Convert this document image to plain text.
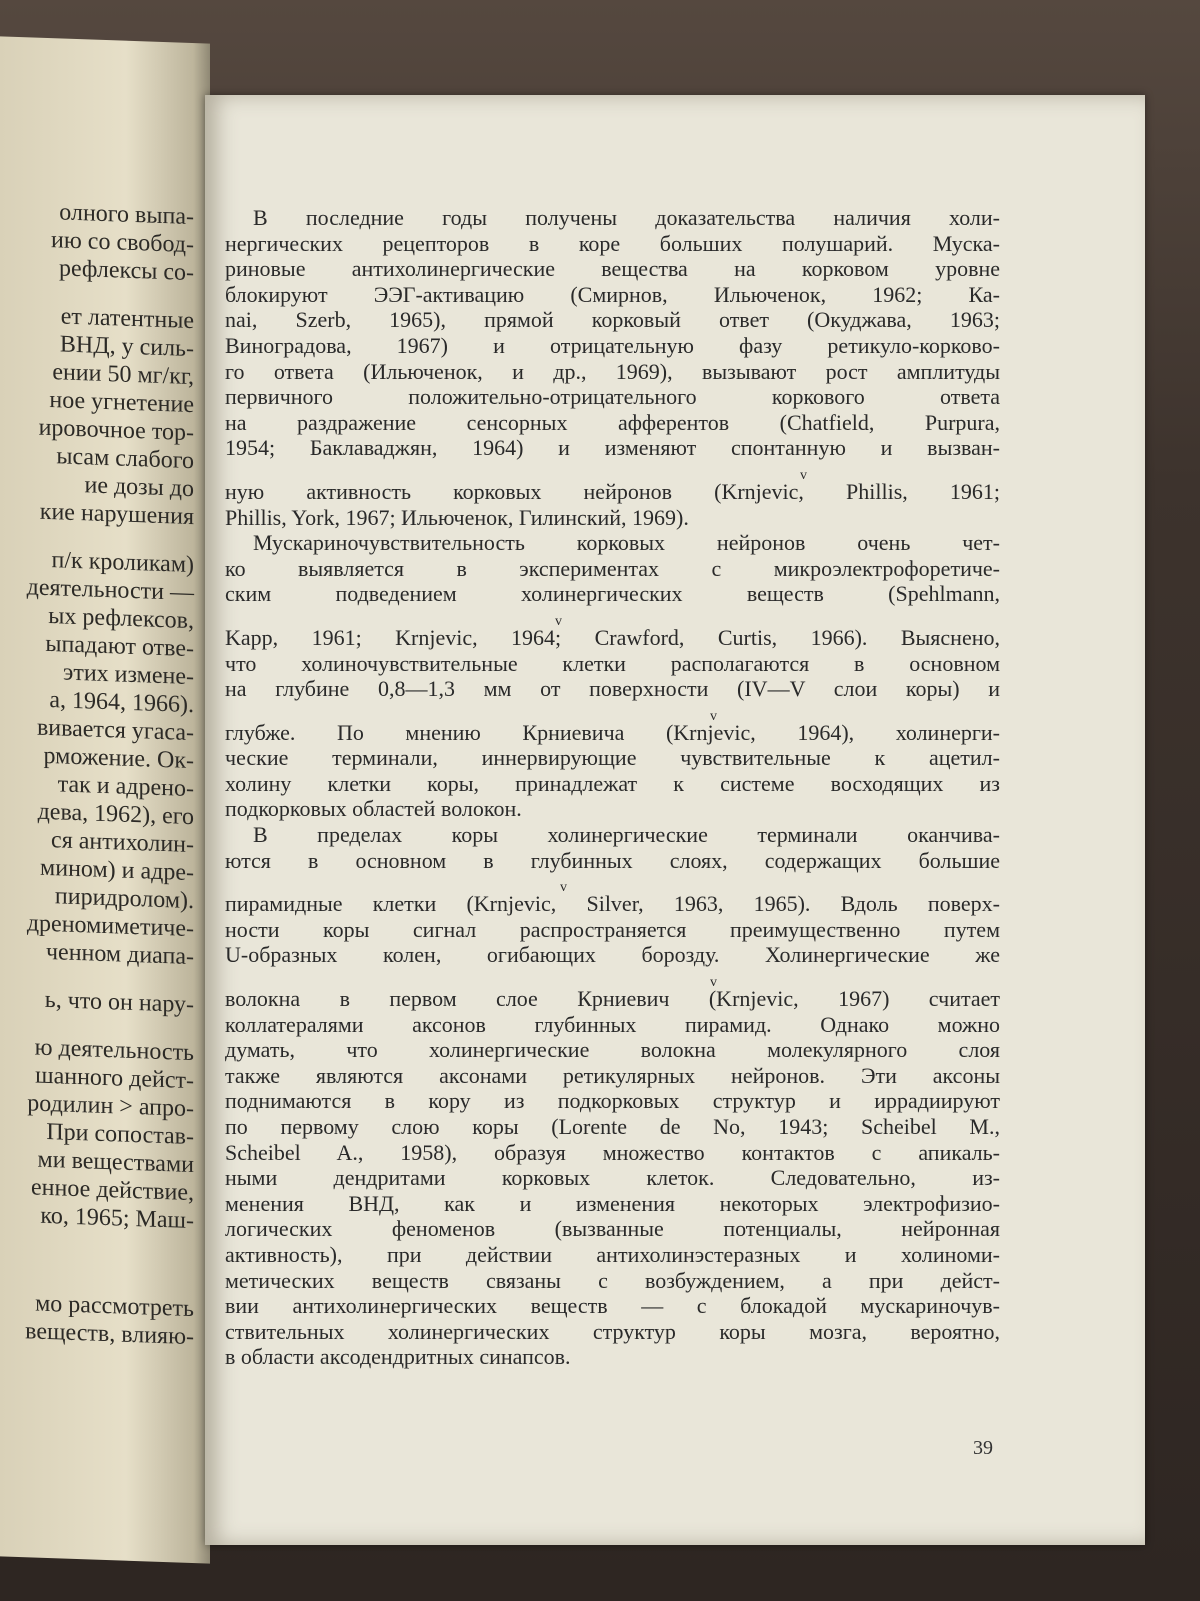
олного выпа-
ию со свобод-
рефлексы со-
ет латентные
ВНД, у силь-
ении 50 мг/кг,
ное угнетение
ировочное тор-
ысам слабого
ие дозы до
кие нарушения
п/к кроликам)
деятельности —
ых рефлексов,
ыпадают отве-
этих измене-
а, 1964, 1966).
вивается угаса-
рможение. Ок-
так и адрено-
дева, 1962), его
ся антихолин-
мином) и адре-
пиридролом).
дреномиметиче-
ченном диапа-
ь, что он нару-
ю деятельность
шанного дейст-
родилин > апро-
При сопостав-
ми веществами
енное действие,
ко, 1965; Маш-
мо рассмотреть
веществ, влияю-
В последние годы получены доказательства наличия холи-
нергических рецепторов в коре больших полушарий. Муска-
риновые антихолинергические вещества на корковом уровне
блокируют ЭЭГ-активацию (Смирнов, Ильюченок, 1962; Ка-
nai, Szerb, 1965), прямой корковый ответ (Окуджава, 1963;
Виноградова, 1967) и отрицательную фазу ретикуло-корково-
го ответа (Ильюченок, и др., 1969), вызывают рост амплитуды
первичного положительно-отрицательного коркового ответа
на раздражение сенсорных афферентов (Chatfield, Purpura,
1954; Баклаваджян, 1964) и изменяют спонтанную и вызван-
v
ную активность корковых нейронов (Krnjevic, Phillis, 1961;
Phillis, York, 1967; Ильюченок, Гилинский, 1969).
Мускариночувствительность корковых нейронов очень чет-
ко выявляется в экспериментах с микроэлектрофоретиче-
ским подведением холинергических веществ (Spehlmann,
v
Kapp, 1961; Krnjevic, 1964; Crawford, Curtis, 1966). Выяснено,
что холиночувствительные клетки располагаются в основном
на глубине 0,8—1,3 мм от поверхности (IV—V слои коры) и
v
глубже. По мнению Крниевича (Krnjevic, 1964), холинерги-
ческие терминали, иннервирующие чувствительные к ацетил-
холину клетки коры, принадлежат к системе восходящих из
подкорковых областей волокон.
В пределах коры холинергические терминали оканчива-
ются в основном в глубинных слоях, содержащих большие
v
пирамидные клетки (Krnjevic, Silver, 1963, 1965). Вдоль поверх-
ности коры сигнал распространяется преимущественно путем
U-образных колен, огибающих борозду. Холинергические же
v
волокна в первом слое Крниевич (Krnjevic, 1967) считает
коллатералями аксонов глубинных пирамид. Однако можно
думать, что холинергические волокна молекулярного слоя
также являются аксонами ретикулярных нейронов. Эти аксоны
поднимаются в кору из подкорковых структур и иррадиируют
по первому слою коры (Lorente de No, 1943; Scheibel M.,
Scheibel A., 1958), образуя множество контактов с апикаль-
ными дендритами корковых клеток. Следовательно, из-
менения ВНД, как и изменения некоторых электрофизио-
логических феноменов (вызванные потенциалы, нейронная
активность), при действии антихолинэстеразных и холиноми-
метических веществ связаны с возбуждением, а при дейст-
вии антихолинергических веществ — с блокадой мускариночув-
ствительных холинергических структур коры мозга, вероятно,
в области аксодендритных синапсов.
39
